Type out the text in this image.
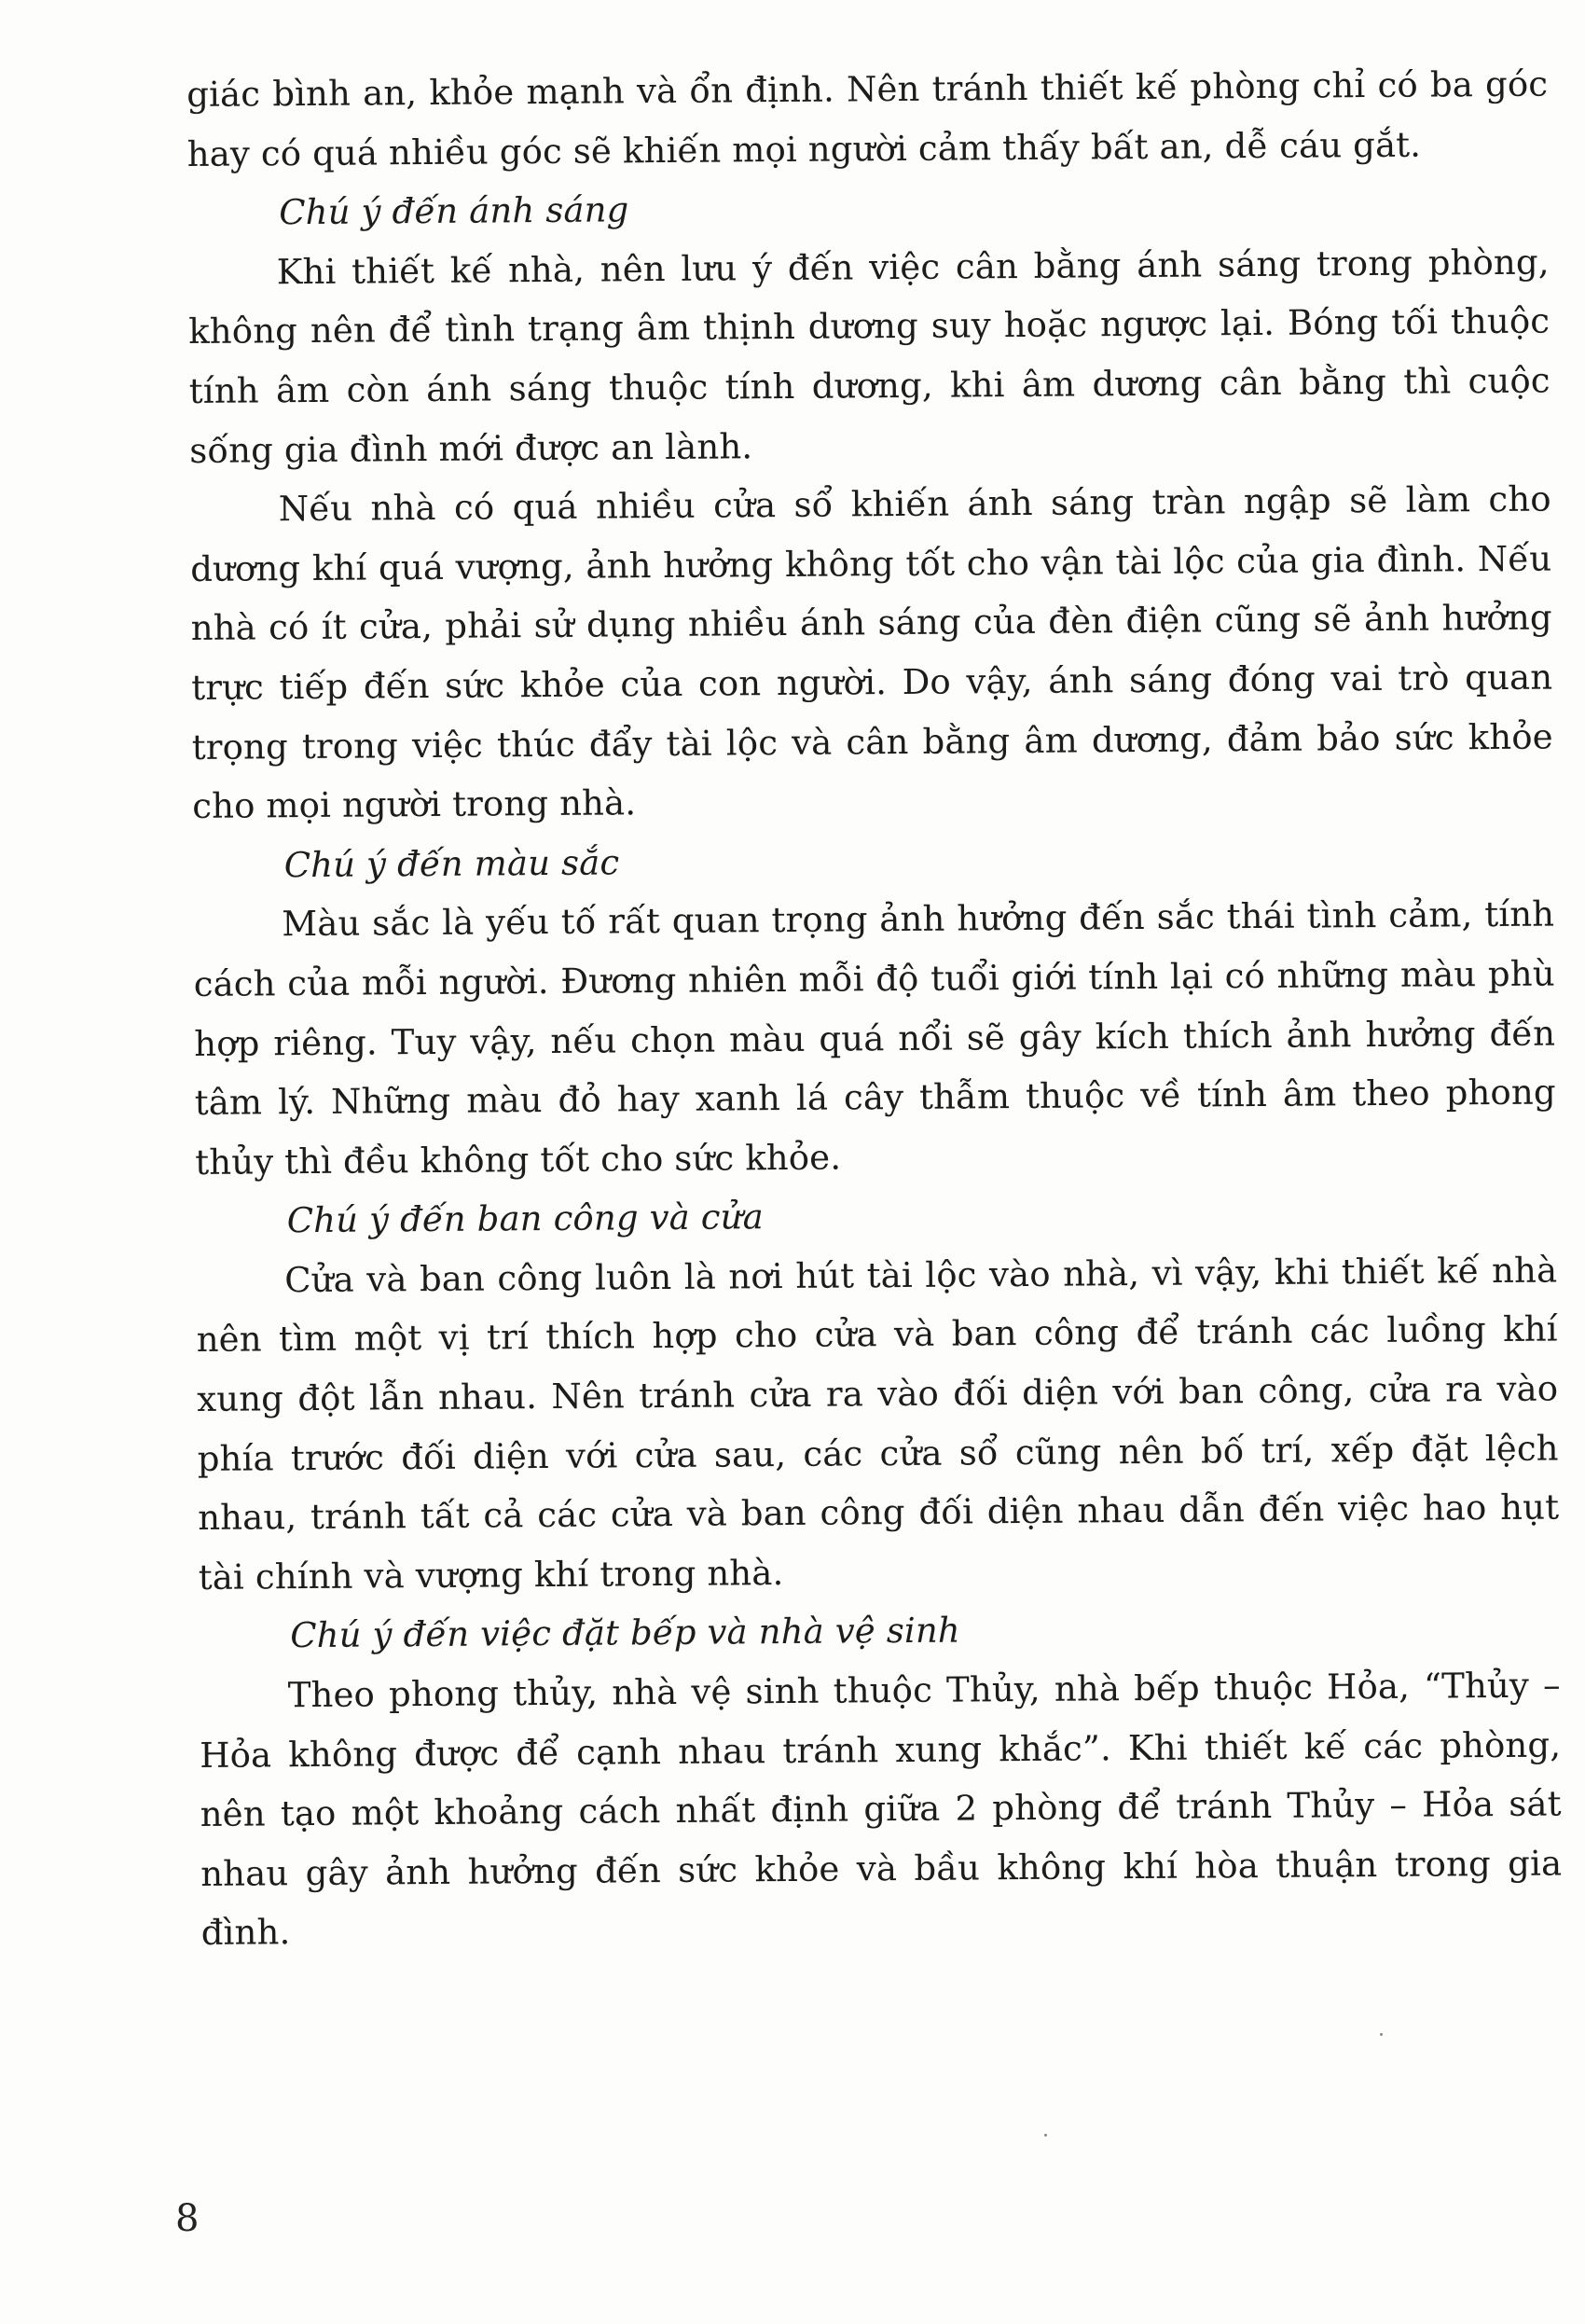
giác bình an, khỏe mạnh và ổn định. Nên tránh thiết kế phòng chỉ có ba góc hay có quá nhiều góc sẽ khiến mọi người cảm thấy bất an, dễ cáu gắt.

Chú ý đến ánh sáng

Khi thiết kế nhà, nên lưu ý đến việc cân bằng ánh sáng trong phòng, không nên để tình trạng âm thịnh dương suy hoặc ngược lại. Bóng tối thuộc tính âm còn ánh sáng thuộc tính dương, khi âm dương cân bằng thì cuộc sống gia đình mới được an lành.

Nếu nhà có quá nhiều cửa sổ khiến ánh sáng tràn ngập sẽ làm cho dương khí quá vượng, ảnh hưởng không tốt cho vận tài lộc của gia đình. Nếu nhà có ít cửa, phải sử dụng nhiều ánh sáng của đèn điện cũng sẽ ảnh hưởng trực tiếp đến sức khỏe của con người. Do vậy, ánh sáng đóng vai trò quan trọng trong việc thúc đẩy tài lộc và cân bằng âm dương, đảm bảo sức khỏe cho mọi người trong nhà.

Chú ý đến màu sắc

Màu sắc là yếu tố rất quan trọng ảnh hưởng đến sắc thái tình cảm, tính cách của mỗi người. Đương nhiên mỗi độ tuổi giới tính lại có những màu phù hợp riêng. Tuy vậy, nếu chọn màu quá nổi sẽ gây kích thích ảnh hưởng đến tâm lý. Những màu đỏ hay xanh lá cây thẫm thuộc về tính âm theo phong thủy thì đều không tốt cho sức khỏe.

Chú ý đến ban công và cửa

Cửa và ban công luôn là nơi hút tài lộc vào nhà, vì vậy, khi thiết kế nhà nên tìm một vị trí thích hợp cho cửa và ban công để tránh các luồng khí xung đột lẫn nhau. Nên tránh cửa ra vào đối diện với ban công, cửa ra vào phía trước đối diện với cửa sau, các cửa sổ cũng nên bố trí, xếp đặt lệch nhau, tránh tất cả các cửa và ban công đối diện nhau dẫn đến việc hao hụt tài chính và vượng khí trong nhà.

Chú ý đến việc đặt bếp và nhà vệ sinh

Theo phong thủy, nhà vệ sinh thuộc Thủy, nhà bếp thuộc Hỏa, “Thủy – Hỏa không được để cạnh nhau tránh xung khắc”. Khi thiết kế các phòng, nên tạo một khoảng cách nhất định giữa 2 phòng để tránh Thủy – Hỏa sát nhau gây ảnh hưởng đến sức khỏe và bầu không khí hòa thuận trong gia đình.

8
